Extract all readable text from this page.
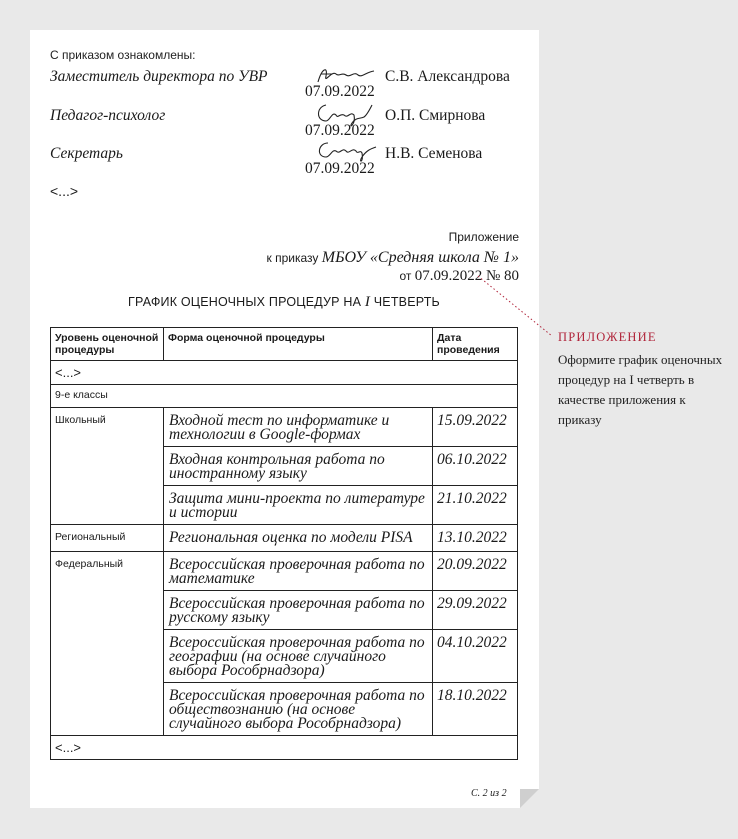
С приказом ознакомлены:
Заместитель директора по УВР	С.В. Александрова
07.09.2022
Педагог-психолог	О.П. Смирнова
07.09.2022
Секретарь	Н.В. Семенова
07.09.2022
<...>
Приложение
к приказу МБОУ «Средняя школа № 1»
от 07.09.2022 № 80
ГРАФИК ОЦЕНОЧНЫХ ПРОЦЕДУР НА I ЧЕТВЕРТЬ
Уровень оценочной процедуры	Форма оценочной процедуры	Дата проведения
<...>		
9-е классы		
Школьный	Входной тест по информатике и технологии в Google-формах	15.09.2022
	Входная контрольная работа по иностранному языку	06.10.2022
	Защита мини-проекта по литературе и истории	21.10.2022
Региональный	Региональная оценка по модели PISA	13.10.2022
Федеральный	Всероссийская проверочная работа по математике	20.09.2022
	Всероссийская проверочная работа по русскому языку	29.09.2022
	Всероссийская проверочная работа по географии (на основе случайного выбора Рособрнадзора)	04.10.2022
	Всероссийская проверочная работа по обществознанию (на основе случайного выбора Рособрнадзора)	18.10.2022
<...>		
С. 2 из 2
ПРИЛОЖЕНИЕ
Оформите график оценочных процедур на I четверть в качестве приложения к приказу
